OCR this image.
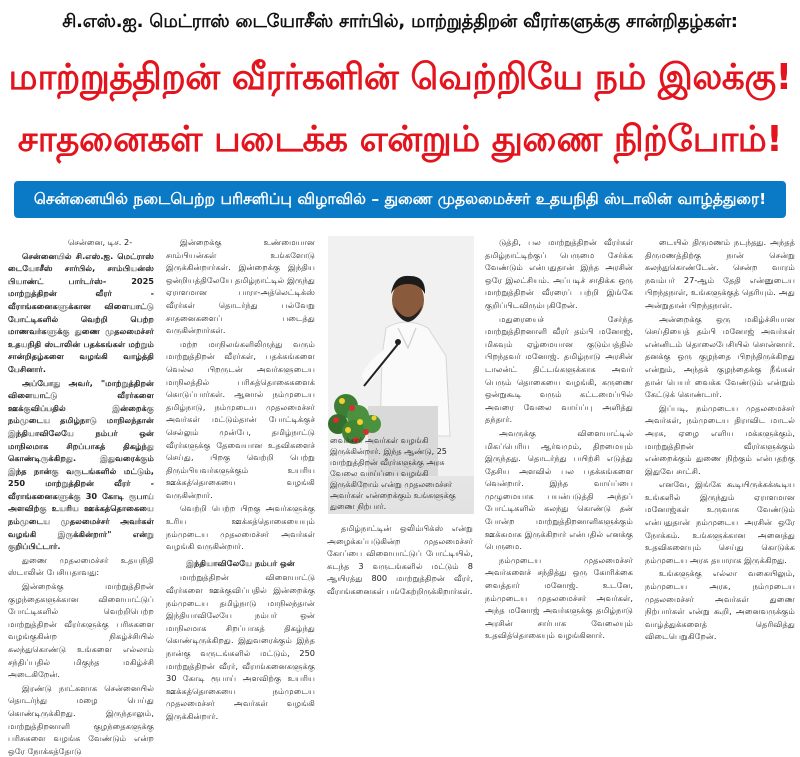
சி.எஸ்.ஐ. மெட்ராஸ் டையோசீஸ் சார்பில், மாற்றுத்திறன் வீரர்களுக்கு சான்றிதழ்கள்:
மாற்றுத்திறன் வீரர்களின் வெற்றியே நம் இலக்கு!
சாதனைகள் படைக்க என்றும் துணை நிற்போம்!
சென்னையில் நடைபெற்ற பரிசளிப்பு விழாவில் – துணை முதலமைச்சர் உதயநிதி ஸ்டாலின் வாழ்த்துரை!

சென்னை, டிச. 2-

சென்னையில் சி.எஸ்.ஐ. மெட்ராஸ் டையோசீஸ் சார்பில், சாம்பியன்ஸ் பியாண்ட் பார்டர்ஸ்- 2025 மாற்றுத்திறன் வீரர் - வீராங்கனைகளுக்கான விளையாட்டு போட்டிகளில் வெற்றி பெற்ற மாணவர்களுக்கு துணை முதலமைச்சர் உதயநிதி ஸ்டாலின் பதக்கங்கள் மற்றும் சான்றிதழ்களை வழங்கி வாழ்த்தி பேசினார்.

அப்போது அவர், "மாற்றுத்திறன் விளையாட்டு வீரர்களை ஊக்குவிப்பதில் இன்றைக்கு நம்முடைய தமிழ்நாடு மாநிலந்தான் இந்தியாவிலேயே நம்பர் ஒன் மாநிலமாக சிறப்பாகத் திகழ்ந்து கொண்டிருக்கிறது. இதுவரைக்கும் இந்த நான்கு வருடங்களில் மட்டும், 250 மாற்றுத்திறன் வீரர் - வீராங்கனைகளுக்கு 30 கோடி ரூபாய் அளவிற்கு உயரிய ஊக்கத்தொகையை நம்முடைய முதலமைச்சர் அவர்கள் வழங்கி இருக்கின்றார்" என்று குறிப்பிட்டார்.

துணை முதலமைச்சர் உதயநிதி ஸ்டாலின் பேசியதாவது:

இன்றைக்கு மாற்றுத்திறன் குழந்தைகளுக்கான விளையாட்டுப் போட்டிகளில் வெற்றிபெற்ற மாற்றுத்திறன் வீரர்களுக்கு பரிசுகளை வழங்குகின்ற நிகழ்ச்சியில் கலந்துகொண்டு உங்களை எல்லாம் சந்திப்பதில் மிகுந்த மகிழ்ச்சி அடைகிறேன்.

இரண்டு நாட்களாக சென்னையில் தொடர்ந்து மழை பெய்து கொண்டிருக்கிறது. இருந்தாலும், மாற்றுத்திறனாளி குழந்தைகளுக்கு பரிசுகளை வழங்க வேண்டும் என்ற ஒரே நோக்கத்தோடு

இன்றைக்கு உண்மையான சாம்பியன்கள் உங்களோடு இருக்கின்றார்கள். இன்றைக்கு இந்திய ஒன்றியத்திலேயே தமிழ்நாட்டில் இருந்து ஏராளமான பாரா-அத்லெட்டிக்ஸ் வீரர்கள் தொடர்ந்து பல்வேறு சாதனைகளைப் படைத்து வருகின்றார்கள்.

மற்ற மாநிலங்களிலிருந்து வரும் மாற்றுத்திறன் வீரர்கள், பதக்கங்களை வெல்ல பிறருடன் அவர்களுடைய மாநிலத்தில் பரிசுத்தொகைகளைக் கொடுப்பார்கள். ஆனால் நம்முடைய தமிழ்நாடு, நம்முடைய முதலமைச்சர் அவர்கள் மட்டும்தான் போட்டிக்குச் செல்லும் முன்பே, தமிழ்நாட்டு வீரர்களுக்கு தேவையான உதவிகளைச் செய்து, பிறகு வெற்றி பெற்று திரும்பியவர்களுக்கும் உயரிய ஊக்கத்தொகையை வழங்கி வருகின்றார்.

வெற்றி பெற்ற பிறகு அவர்களுக்கு உரிய ஊக்கத்தொகையையும் நம்முடைய முதலமைச்சர் அவர்கள் வழங்கி வருகின்றார்.

இந்தியாவிலேயே நம்பர் ஒன்

மாற்றுத்திறன் விளையாட்டு வீரர்களை ஊக்குவிப்பதில் இன்றைக்கு நம்முடைய தமிழ்நாடு மாநிலந்தான் இந்தியாவிலேயே நம்பர் ஒன் மாநிலமாக சிறப்பாகத் திகழ்ந்து கொண்டிருக்கிறது. இதுவரைக்கும் இந்த நான்கு வருடங்களில் மட்டும், 250 மாற்றுத்திறன் வீரர், வீராங்கனைகளுக்கு 30 கோடி ரூபாய் அளவிற்கு உயரிய ஊக்கத்தொகையை நம்முடைய முதலமைச்சர் அவர்கள் வழங்கி இருக்கின்றார்.

வைச்சார் அவர்கள் வழங்கி இருக்கின்றார். இந்த ஆண்டு, 25 மாற்றுத்திறன் வீரர்களுக்கு அரசு வேலை வாய்ப்பை வழங்கி இருக்கிறோம் என்று முதலமைச்சர் அவர்கள் என்றைக்கும் உங்களுக்கு துணை நிற்பார்.

தமிழ்நாட்டின் ஒலிம்பிக்ஸ் என்று அழைக்கப்படுகின்ற முதலமைச்சர் கோப்பை விளையாட்டுப் போட்டியில், கடந்த 3 வருடங்களில் மட்டும் 8 ஆயிரத்து 800 மாற்றுத்திறன் வீரர், வீராங்கனைகள் பங்கேற்றிருக்கிறார்கள்.

டுத்தி, பல மாற்றுத்திறன் வீரர்கள் தமிழ்நாட்டிற்குப் பெருமை சேர்க்க வேண்டும் என்பதுதான் இந்த அரசின் ஒரே இலட்சியம். அப்படிச் சாதிக்க ஒரு மாற்றுத்திறன் வீரரைப் பற்றி இங்கே குறிப்பிடவிரும்புகிறேன்.

மதுரையைச் சேர்ந்த மாற்றுத்திறனாளி வீரர் தம்பி மனோஜ், மிகவும் ஏழ்மையான குடும்பத்தில் பிறந்தவர் மனோஜ். தமிழ்நாடு அரசின் டாலன்ட் திட்டங்களுக்காக அவர் பெரும் தொகையை வழங்கி, கருணை ஒன்றுகூடி வரும் கட்டமைப்பில் அவரை வேலை வாய்ப்பு அளித்து தந்தார்.

அவருக்கு விளையாட்டில் மிகப்பெரிய ஆர்வமும், திறமையும் இருந்தது. தொடர்ந்து பயிற்சி எடுத்து தேசிய அளவில் பல பதக்கங்களை வென்றார். இந்த வாய்ப்பை முழுமையாக பயன்படுத்தி அந்தப் போட்டிகளில் கலந்து கொண்டு தன் போன்ற மாற்றுத்திறனாளிகளுக்கும் ஊக்கமாக இருக்கிறார் என்பதில் எனக்கு பெருமை.

நம்முடைய முதலமைச்சர் அவர்களைச் சந்தித்து ஒரு கோரிக்கை வைத்தார் மனோஜ். உடனே, நம்முடைய முதலமைச்சர் அவர்கள், அந்த மனோஜ் அவர்களுக்கு தமிழ்நாடு அரசின் சார்பாக வேலையும் உதவித்தொகையும் வழங்கினார்.

டையில் திருமணம் நடந்தது. அந்தத் திருமணத்திற்கு நான் சென்று கலந்துகொண்டேன். சென்ற வாரம் நவம்பர் 27-ஆம் தேதி என்னுடைய பிறந்தநாள், உங்களுக்குத் தெரியும். அது அன்றுதான் பிறந்தநாள்.

அன்றைக்கு ஒரு மகிழ்ச்சியான செய்தியைத் தம்பி மனோஜ் அவர்கள் என்னிடம் தொலைபேசியில் சொன்னார். தனக்கு ஒரு குழந்தை பிறந்திருக்கிறது என்றும், அந்தக் குழந்தைக்கு நீங்கள் தான் பெயர் வைக்க வேண்டும் என்றும் கேட்டுக் கொண்டார்.

இப்படி, நம்முடைய முதலமைச்சர் அவர்கள், நம்முடைய திராவிட மாடல் அரசு, ஏழை எளிய மக்களுக்கும், மாற்றுத்திறன் வீரர்களுக்கும் என்றைக்கும் துணை நிற்கும் என்பதற்கு இதுவே சாட்சி.

எனவே, இங்கே கூடியிருக்கக்கூடிய உங்களில் இருந்தும் ஏராளமான மனோஜ்கள் உருவாக வேண்டும் என்பதுதான் நம்முடைய அரசின் ஒரே நோக்கம். உங்களுக்கான அனைத்து உதவிகளையும் செய்து கொடுக்க நம்முடைய அரசு தயாராக இருக்கிறது.

உங்களுக்கு எல்லா வகையிலும், நம்முடைய அரசு, நம்முடைய முதலமைச்சர் அவர்கள் துணை நிற்பார்கள் என்று கூறி, அனைவருக்கும் வாழ்த்துக்களைத் தெரிவித்து விடைபெறுகிறேன்.
